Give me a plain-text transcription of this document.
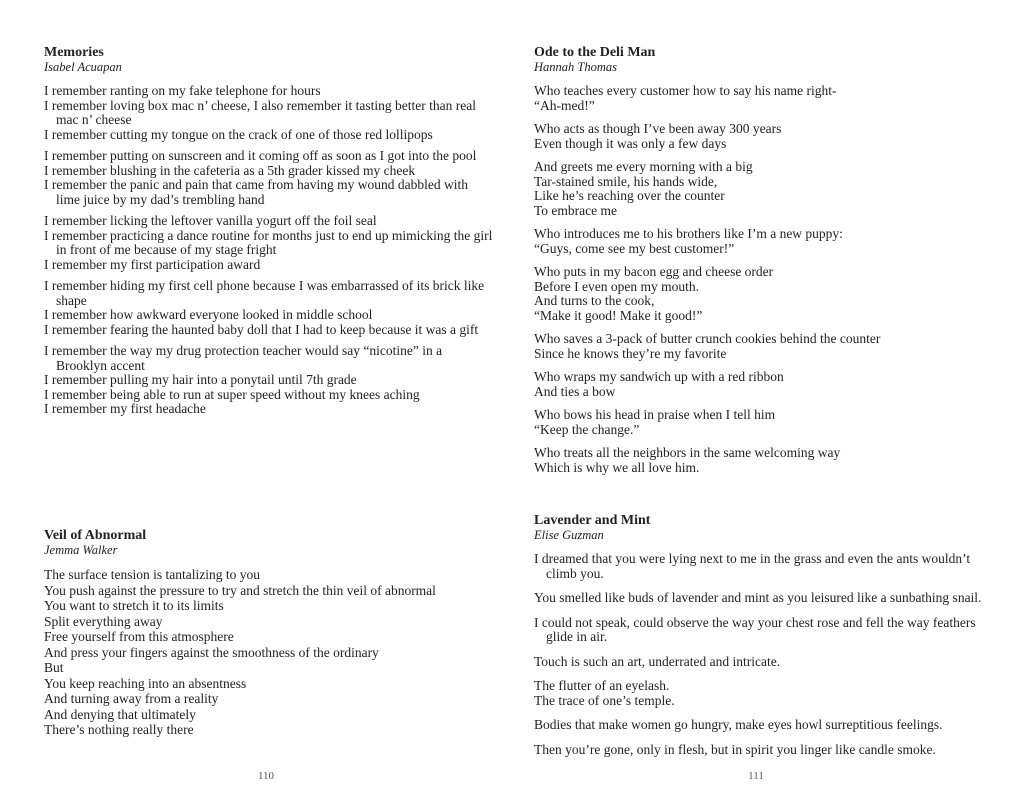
Memories
Isabel Acuapan
I remember ranting on my fake telephone for hours
I remember loving box mac n’ cheese, I also remember it tasting better than real mac n’ cheese
I remember cutting my tongue on the crack of one of those red lollipops
I remember putting on sunscreen and it coming off as soon as I got into the pool
I remember blushing in the cafeteria as a 5th grader kissed my cheek
I remember the panic and pain that came from having my wound dabbled with lime juice by my dad’s trembling hand
I remember licking the leftover vanilla yogurt off the foil seal
I remember practicing a dance routine for months just to end up mimicking the girl in front of me because of my stage fright
I remember my first participation award
I remember hiding my first cell phone because I was embarrassed of its brick like shape
I remember how awkward everyone looked in middle school
I remember fearing the haunted baby doll that I had to keep because it was a gift
I remember the way my drug protection teacher would say “nicotine” in a Brooklyn accent
I remember pulling my hair into a ponytail until 7th grade
I remember being able to run at super speed without my knees aching
I remember my first headache
Veil of Abnormal
Jemma Walker
The surface tension is tantalizing to you
You push against the pressure to try and stretch the thin veil of abnormal
You want to stretch it to its limits
Split everything away
Free yourself from this atmosphere
And press your fingers against the smoothness of the ordinary
But
You keep reaching into an absentness
And turning away from a reality
And denying that ultimately
There’s nothing really there
110
Ode to the Deli Man
Hannah Thomas
Who teaches every customer how to say his name right-
“Ah-med!”
Who acts as though I’ve been away 300 years
Even though it was only a few days
And greets me every morning with a big
Tar-stained smile, his hands wide,
Like he’s reaching over the counter
To embrace me
Who introduces me to his brothers like I’m a new puppy:
“Guys, come see my best customer!”
Who puts in my bacon egg and cheese order
Before I even open my mouth.
And turns to the cook,
“Make it good! Make it good!”
Who saves a 3-pack of butter crunch cookies behind the counter
Since he knows they’re my favorite
Who wraps my sandwich up with a red ribbon
And ties a bow
Who bows his head in praise when I tell him
“Keep the change.”
Who treats all the neighbors in the same welcoming way
Which is why we all love him.
Lavender and Mint
Elise Guzman
I dreamed that you were lying next to me in the grass and even the ants wouldn’t climb you.
You smelled like buds of lavender and mint as you leisured like a sunbathing snail.
I could not speak, could observe the way your chest rose and fell the way feathers glide in air.
Touch is such an art, underrated and intricate.
The flutter of an eyelash.
The trace of one’s temple.
Bodies that make women go hungry, make eyes howl surreptitious feelings.
Then you’re gone, only in flesh, but in spirit you linger like candle smoke.
111
